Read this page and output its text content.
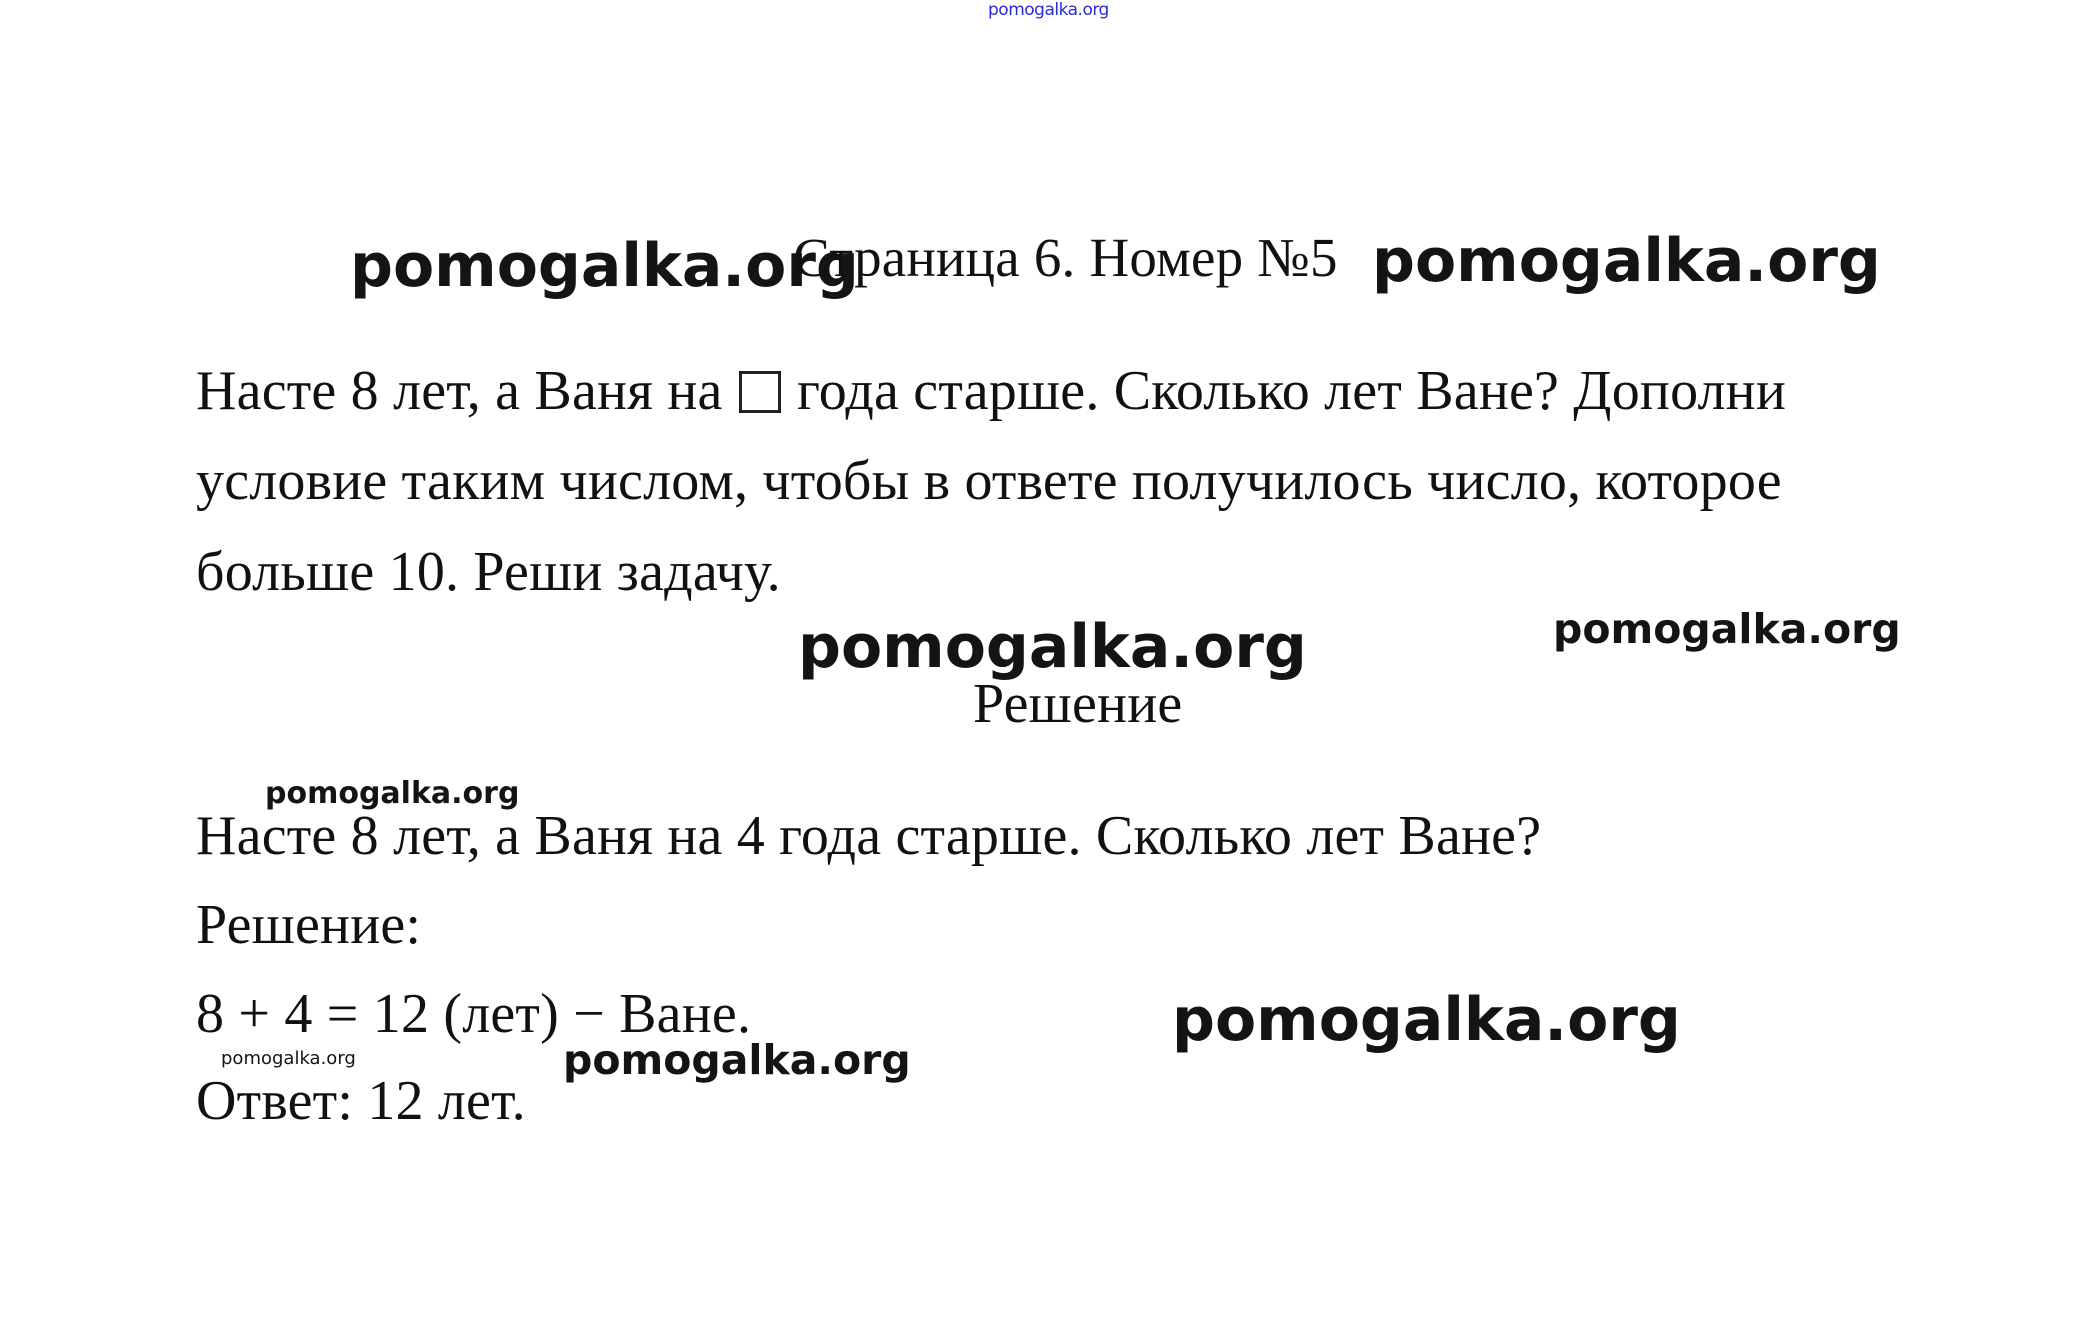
pomogalka.org
pomogalka.org
Страница 6. Номер №5 pomogalka.org
Насте 8 лет, а Ваня на года старше. Сколько лет Ване? Дополни
условие таким числом, чтобы в ответе получилось число, которое
больше 10. Реши задачу.
pomogalka.org	pomogalka.org
Решение
pomogalka.org
Насте 8 лет, а Ваня на 4 года старше. Сколько лет Ване?
Решение:
8 + 4 = 12 (лет) − Ване.	pomogalka.org
pomogalka.org
pomogalka.org
Ответ: 12 лет.
